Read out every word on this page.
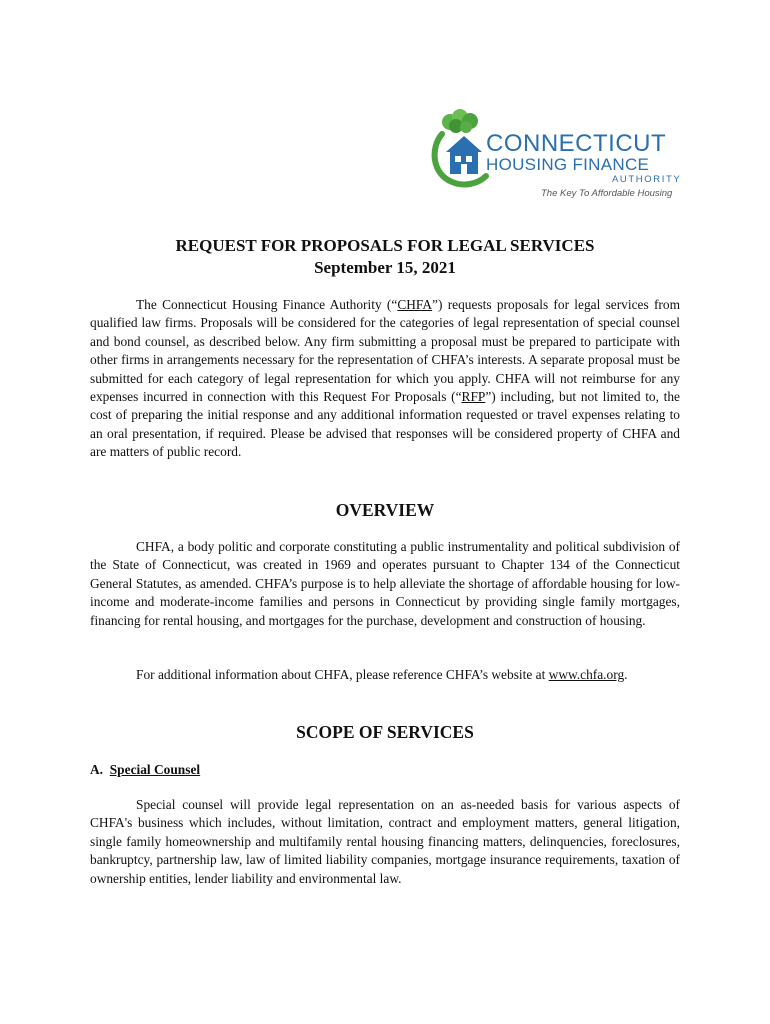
CONNECTICUT
HOUSING FINANCE
AUTHORITY
The Key To Affordable Housing
REQUEST FOR PROPOSALS FOR LEGAL SERVICES
September 15, 2021

The Connecticut Housing Finance Authority (“CHFA”) requests proposals for legal services from qualified law firms. Proposals will be considered for the categories of legal representation of special counsel and bond counsel, as described below. Any firm submitting a proposal must be prepared to participate with other firms in arrangements necessary for the representation of CHFA’s interests. A separate proposal must be submitted for each category of legal representation for which you apply. CHFA will not reimburse for any expenses incurred in connection with this Request For Proposals (“RFP”) including, but not limited to, the cost of preparing the initial response and any additional information requested or travel expenses relating to an oral presentation, if required. Please be advised that responses will be considered property of CHFA and are matters of public record.

OVERVIEW

CHFA, a body politic and corporate constituting a public instrumentality and political subdivision of the State of Connecticut, was created in 1969 and operates pursuant to Chapter 134 of the Connecticut General Statutes, as amended. CHFA’s purpose is to help alleviate the shortage of affordable housing for low-income and moderate-income families and persons in Connecticut by providing single family mortgages, financing for rental housing, and mortgages for the purchase, development and construction of housing.

For additional information about CHFA, please reference CHFA’s website at www.chfa.org.

SCOPE OF SERVICES
A. Special Counsel

Special counsel will provide legal representation on an as-needed basis for various aspects of CHFA's business which includes, without limitation, contract and employment matters, general litigation, single family homeownership and multifamily rental housing financing matters, delinquencies, foreclosures, bankruptcy, partnership law, law of limited liability companies, mortgage insurance requirements, taxation of ownership entities, lender liability and environmental law.
